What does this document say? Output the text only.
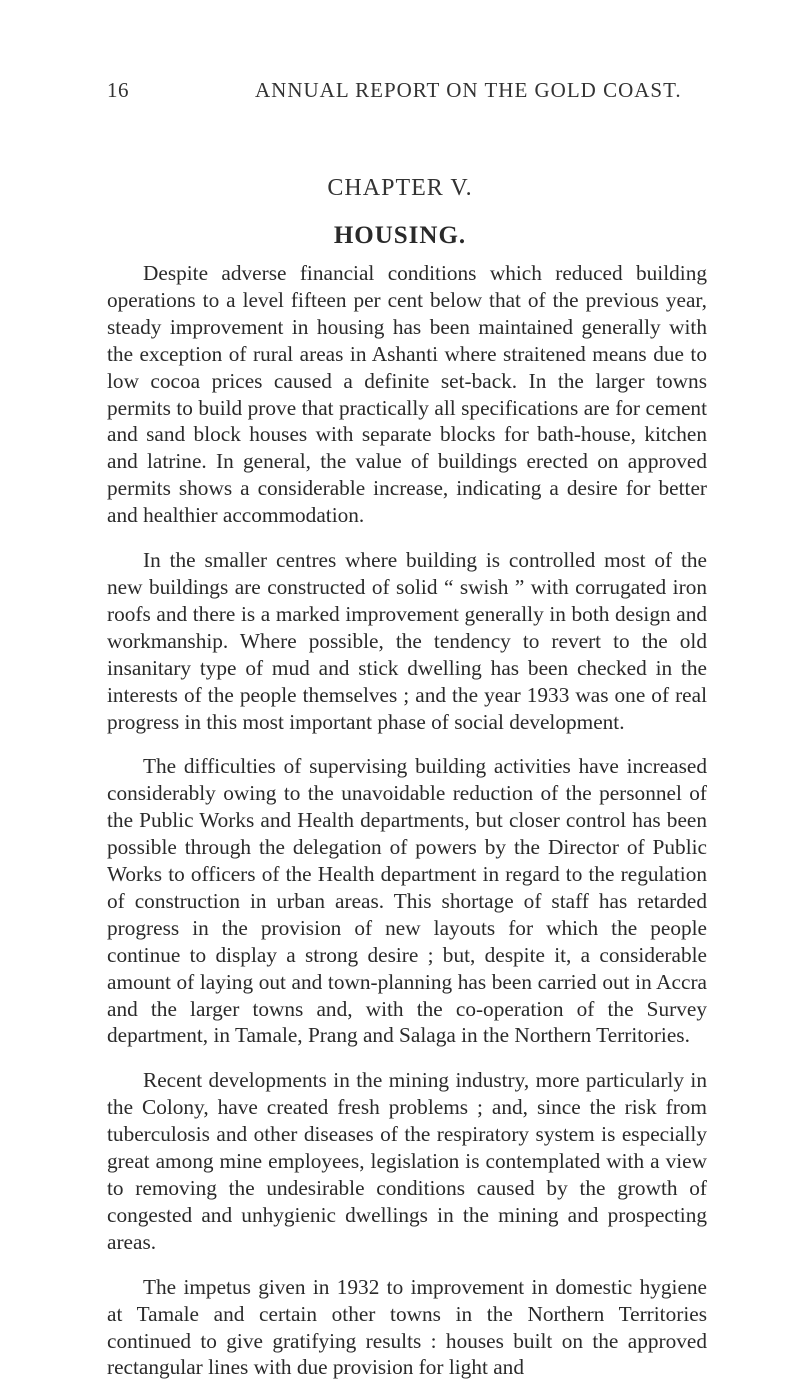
16	ANNUAL REPORT ON THE GOLD COAST.
CHAPTER V.
HOUSING.

Despite adverse financial conditions which reduced building operations to a level fifteen per cent below that of the previous year, steady improvement in housing has been maintained generally with the exception of rural areas in Ashanti where straitened means due to low cocoa prices caused a definite set-back. In the larger towns permits to build prove that practically all specifications are for cement and sand block houses with separate blocks for bath-house, kitchen and latrine. In general, the value of buildings erected on approved permits shows a considerable increase, indicating a desire for better and healthier accommodation.

In the smaller centres where building is controlled most of the new buildings are constructed of solid “ swish ” with corrugated iron roofs and there is a marked improvement generally in both design and workmanship. Where possible, the tendency to revert to the old insanitary type of mud and stick dwelling has been checked in the interests of the people themselves ; and the year 1933 was one of real progress in this most important phase of social development.

The difficulties of supervising building activities have increased considerably owing to the unavoidable reduction of the personnel of the Public Works and Health departments, but closer control has been possible through the delegation of powers by the Director of Public Works to officers of the Health department in regard to the regulation of construction in urban areas. This shortage of staff has retarded progress in the provision of new layouts for which the people continue to display a strong desire ; but, despite it, a considerable amount of laying out and town-planning has been carried out in Accra and the larger towns and, with the co-operation of the Survey department, in Tamale, Prang and Salaga in the Northern Territories.

Recent developments in the mining industry, more particularly in the Colony, have created fresh problems ; and, since the risk from tuberculosis and other diseases of the respiratory system is especially great among mine employees, legislation is contemplated with a view to removing the undesirable conditions caused by the growth of congested and unhygienic dwellings in the mining and prospecting areas.

The impetus given in 1932 to improvement in domestic hygiene at Tamale and certain other towns in the Northern Territories continued to give gratifying results : houses built on the approved rectangular lines with due provision for light and
